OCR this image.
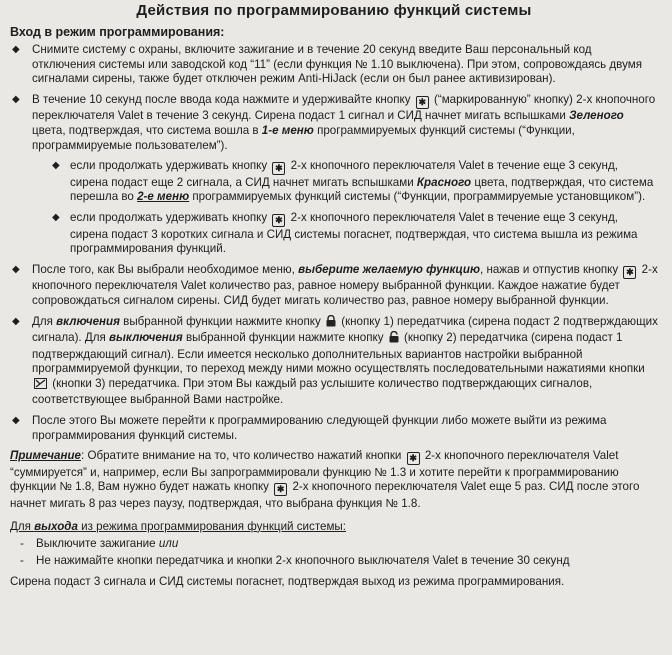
Действия по программированию функций системы
Вход в режим программирования:
◆ Снимите систему с охраны, включите зажигание и в течение 20 секунд введите Ваш персональный код отключения системы или заводской код “11” (если функция № 1.10 выключена). При этом, сопровождаясь двумя сигналами сирены, также будет отключен режим Anti-HiJack (если он был ранее активизирован).
◆ В течение 10 секунд после ввода кода нажмите и удерживайте кнопку ✱ (“маркированную” кнопку) 2-х кнопочного переключателя Valet в течение 3 секунд. Сирена подаст 1 сигнал и СИД начнет мигать вспышками Зеленого цвета, подтверждая, что система вошла в 1-е меню программируемых функций системы (“Функции, программируемые пользователем”).
◆ если продолжать удерживать кнопку ✱ 2-х кнопочного переключателя Valet в течение еще 3 секунд, сирена подаст еще 2 сигнала, а СИД начнет мигать вспышками Красного цвета, подтверждая, что система перешла во 2-е меню программируемых функций системы (“Функции, программируемые установщиком”).
◆ если продолжать удерживать кнопку ✱ 2-х кнопочного переключателя Valet в течение еще 3 секунд, сирена подаст 3 коротких сигнала и СИД системы погаснет, подтверждая, что система вышла из режима программирования функций.
◆ После того, как Вы выбрали необходимое меню, выберите желаемую функцию, нажав и отпустив кнопку ✱ 2-х кнопочного переключателя Valet количество раз, равное номеру выбранной функции. Каждое нажатие будет сопровождаться сигналом сирены. СИД будет мигать количество раз, равное номеру выбранной функции.
◆ Для включения выбранной функции нажмите кнопку (кнопку 1) передатчика (сирена подаст 2 подтверждающих сигнала). Для выключения выбранной функции нажмите кнопку (кнопку 2) передатчика (сирена подаст 1 подтверждающий сигнал). Если имеется несколько дополнительных вариантов настройки выбранной программируемой функции, то переход между ними можно осуществлять последовательными нажатиями кнопки  (кнопки 3) передатчика. При этом Вы каждый раз услышите количество подтверждающих сигналов, соответствующее выбранной Вами настройке.
◆ После этого Вы можете перейти к программированию следующей функции либо можете выйти из режима программирования функций системы.
Примечание: Обратите внимание на то, что количество нажатий кнопки ✱ 2-х кнопочного переключателя Valet “суммируется” и, например, если Вы запрограммировали функцию № 1.3 и хотите перейти к программированию функции № 1.8, Вам нужно будет нажать кнопку ✱ 2-х кнопочного переключателя Valet еще 5 раз. СИД после этого начнет мигать 8 раз через паузу, подтверждая, что выбрана функция № 1.8.
Для выхода из режима программирования функций системы:
- Выключите зажигание или
- Не нажимайте кнопки передатчика и кнопки 2-х кнопочного выключателя Valet в течение 30 секунд
Сирена подаст 3 сигнала и СИД системы погаснет, подтверждая выход из режима программирования.
